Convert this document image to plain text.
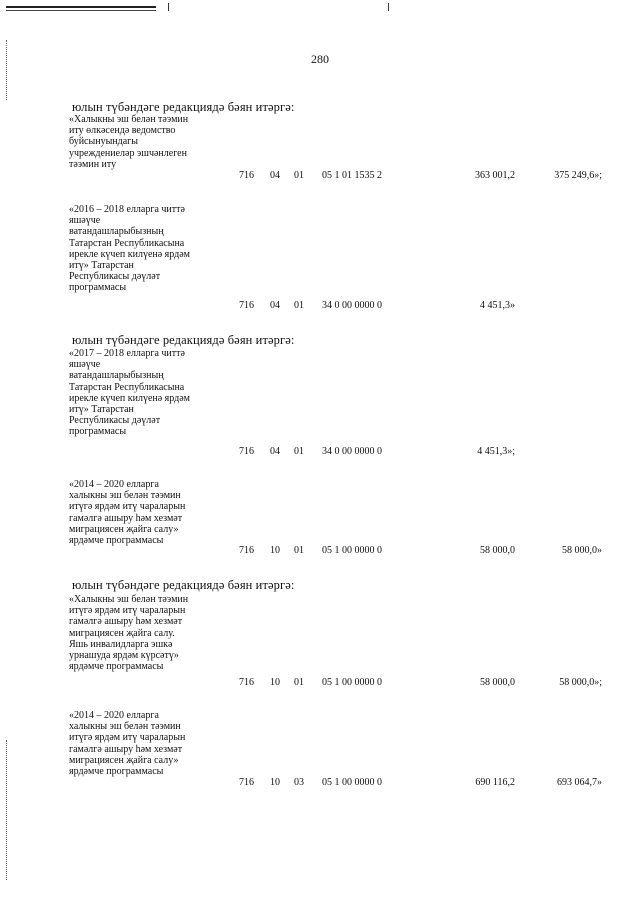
280
юлын түбәндәге редакциядә бәян итәргә:
«Халыкны эш белән тәэмин
иту өлкәсендә ведомство
буйсынуындагы
учреждениеләр эшчәнлеген
тәэмин иту
716 04 01 05 1 01 1535 2	363 001,2	375 249,6»;
«2016 – 2018 елларга читтә
яшәүче
ватандашларыбызның
Татарстан Республикасына
ирекле күчеп килүенә ярдәм
итү» Татарстан
Республикасы дәүләт
программасы
716 04 01 34 0 00 0000 0	4 451,3»
юлын түбәндәге редакциядә бәян итәргә:
«2017 – 2018 елларга читтә
яшәүче
ватандашларыбызның
Татарстан Республикасына
ирекле күчеп килүенә ярдәм
итү» Татарстан
Республикасы дәүләт
программасы
716 04 01 34 0 00 0000 0	4 451,3»;
«2014 – 2020 елларга
халыкны эш белән тәэмин
итүгә ярдәм итү чараларын
гамәлгә ашыру һәм хезмәт
миграциясен җайга салу»
ярдәмче программасы
716 10 01 05 1 00 0000 0	58 000,0	58 000,0»
юлын түбәндәге редакциядә бәян итәргә:
«Халыкны эш белән тәэмин
итүгә ярдәм итү чараларын
гамәлгә ашыру һәм хезмәт
миграциясен җайга салу.
Яшь инвалидларга эшкә
урнашуда ярдәм күрсәтү»
ярдәмче программасы
716 10 01 05 1 00 0000 0	58 000,0	58 000,0»;
«2014 – 2020 елларга
халыкны эш белән тәэмин
итүгә ярдәм итү чараларын
гамәлгә ашыру һәм хезмәт
миграциясен җайга салу»
ярдәмче программасы
716 10 03 05 1 00 0000 0	690 116,2	693 064,7»
